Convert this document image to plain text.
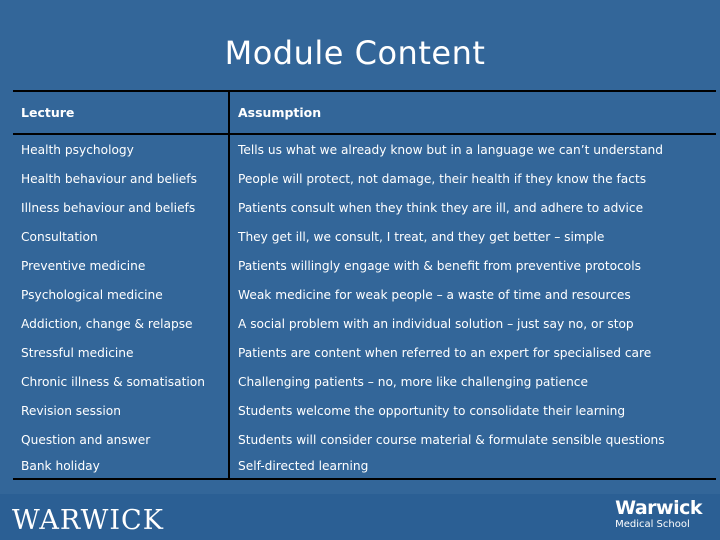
Module Content
Lecture	Assumption
Health psychology	Tells us what we already know but in a language we can’t understand
Health behaviour and beliefs	People will protect, not damage, their health if they know the facts
Illness behaviour and beliefs	Patients consult when they think they are ill, and adhere to advice
Consultation	They get ill, we consult, I treat, and they get better – simple
Preventive medicine	Patients willingly engage with & benefit from preventive protocols
Psychological medicine	Weak medicine for weak people – a waste of time and resources
Addiction, change & relapse	A social problem with an individual solution – just say no, or stop
Stressful medicine	Patients are content when referred to an expert for specialised care
Chronic illness & somatisation	Challenging patients – no, more like challenging patience
Revision session	Students welcome the opportunity to consolidate their learning
Question and answer	Students will consider course material & formulate sensible questions
Bank holiday	Self-directed learning
WARWICK	Warwick
Medical School
